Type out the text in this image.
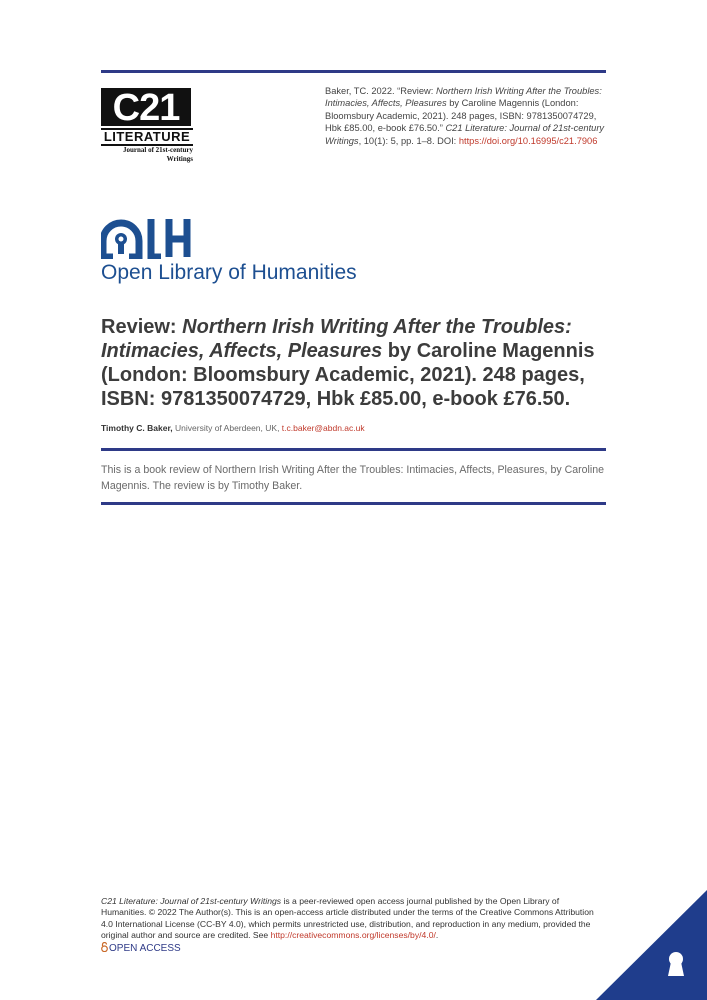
C21
LITERATURE
Journal of 21st-century
Writings
Baker, TC. 2022. “Review: Northern Irish Writing After the Troubles: Intimacies, Affects, Pleasures by Caroline Magennis (London: Bloomsbury Academic, 2021). 248 pages, ISBN: 9781350074729, Hbk £85.00, e-book £76.50.” C21 Literature: Journal of 21st-century Writings, 10(1): 5, pp. 1–8. DOI: https://doi.org/10.16995/c21.7906
Open Library of Humanities
Review: Northern Irish Writing After the Troubles: Intimacies, Affects, Pleasures by Caroline Magennis (London: Bloomsbury Academic, 2021). 248 pages, ISBN: 9781350074729, Hbk £85.00, e-book £76.50.
Timothy C. Baker, University of Aberdeen, UK, t.c.baker@abdn.ac.uk
This is a book review of Northern Irish Writing After the Troubles: Intimacies, Affects, Pleasures, by Caroline Magennis. The review is by Timothy Baker.
C21 Literature: Journal of 21st-century Writings is a peer-reviewed open access journal published by the Open Library of Humanities. © 2022 The Author(s). This is an open-access article distributed under the terms of the Creative Commons Attribution 4.0 International License (CC-BY 4.0), which permits unrestricted use, distribution, and reproduction in any medium, provided the original author and source are credited. See http://creativecommons.org/licenses/by/4.0/.
OPEN ACCESS
